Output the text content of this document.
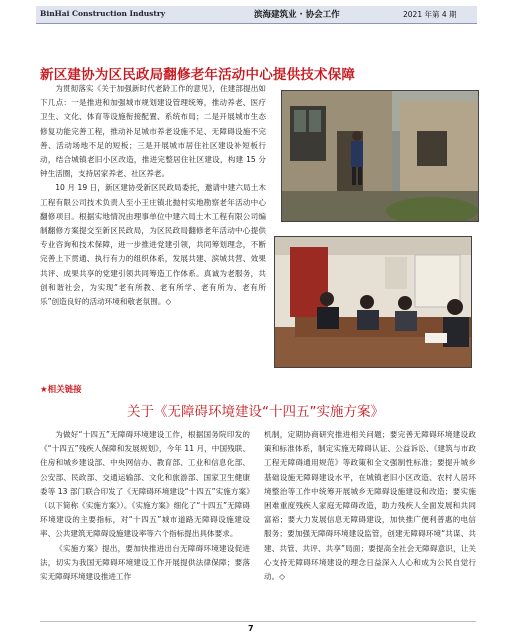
BinHai Construction Industry	滨海建筑业 · 协会工作	2021 年第 4 期
新区建协为区民政局翻修老年活动中心提供技术保障

为贯彻落实《关于加强新时代老龄工作的意见》，住建部提出如下几点：一是推进和加强城市规划建设管理统筹，推动养老、医疗卫生、文化、体育等设施衔接配置、系统布局；二是开展城市生态修复功能完善工程，推动补足城市养老设施不足、无障碍设施不完善、活动场地不足的短板；三是开展城市居住社区建设补短板行动，结合城镇老旧小区改造，推进完整居住社区建设，构建 15 分钟生活圈，支持居家养老、社区养老。

10 月 19 日，新区建协受新区民政局委托，邀请中建六局土木工程有限公司技术负责人至小王庄镇北抛村实地勘察老年活动中心翻修项目。根据实地情况由理事单位中建六局土木工程有限公司编制翻修方案提交至新区民政局，为区民政局翻修老年活动中心提供专业咨询和技术保障，进一步推进党建引领，共同筹划理念，不断完善上下贯通、执行有力的组织体系，发展共建、滨城共营、效果共评、成果共享的党建引领共同筹造工作体系。真诚为老服务，共创和谐社会，为实现“老有所教、老有所学、老有所为、老有所乐”创造良好的活动环境和敬老氛围。◇

★相关链接
关于《无障碍环境建设“十四五”实施方案》

为做好“十四五”无障碍环境建设工作，根据国务院印发的《“十四五”残疾人保障和发展规划》，今年 11 月，中国残联、住房和城乡建设部、中央网信办、教育部、工业和信息化部、公安部、民政部、交通运输部、文化和旅游部、国家卫生健康委等 13 部门联合印发了《无障碍环境建设“十四五”实施方案》（以下简称《实施方案》）。《实施方案》细化了“十四五”无障碍环境建设的主要指标，对“十四五”城市道路无障碍设施建设率、公共建筑无障碍设施建设率等六个指标提出具体要求。

《实施方案》提出，要加快推进出台无障碍环境建设促进法，切实为我国无障碍环境建设工作开展提供法律保障；要落实无障碍环境建设推进工作

机制，定期协商研究推进相关问题；要完善无障碍环境建设政策和标准体系，制定实施无障碍认证、公益诉讼、《建筑与市政工程无障碍通用规范》等政策和全文强制性标准；要提升城乡基础设施无障碍建设水平，在城镇老旧小区改造、农村人居环境整治等工作中统筹开展城乡无障碍设施建设和改造；要实施困难重度残疾人家庭无障碍改造，助力残疾人全面发展和共同富裕；要大力发展信息无障碍建设，加快推广便利普惠的电信服务；要加强无障碍环境建设监管，创建无障碍环境“共谋、共建、共管、共评、共享”局面；要提高全社会无障碍意识，让关心支持无障碍环境建设的理念日益深入人心和成为公民自觉行动。◇

7
